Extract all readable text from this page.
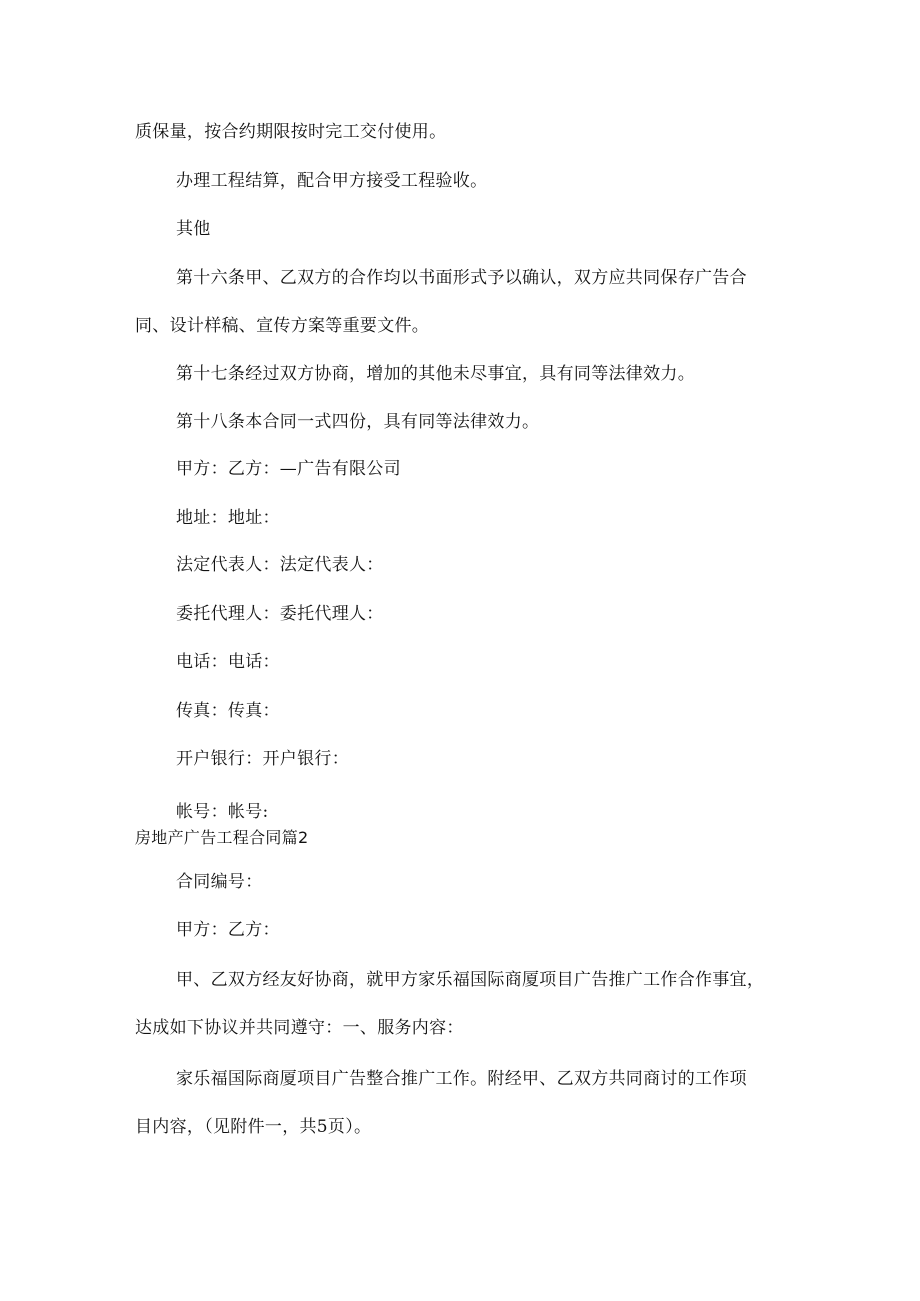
质保量，按合约期限按时完工交付使用。
办理工程结算，配合甲方接受工程验收。
其他
第十六条甲、乙双方的合作均以书面形式予以确认，双方应共同保存广告合
同、设计样稿、宣传方案等重要文件。
第十七条经过双方协商，增加的其他未尽事宜，具有同等法律效力。
第十八条本合同一式四份，具有同等法律效力。
甲方：乙方：—广告有限公司
地址：地址：
法定代表人：法定代表人：
委托代理人：委托代理人：
电话：电话：
传真：传真：
开户银行：开户银行：
帐号：帐号:
房地产广告工程合同篇2
合同编号：
甲方：乙方：
甲、乙双方经友好协商，就甲方家乐福国际商厦项目广告推广工作合作事宜，
达成如下协议并共同遵守：一、服务内容：
家乐福国际商厦项目广告整合推广工作。附经甲、乙双方共同商讨的工作项
目内容，（见附件一，共5页）。
